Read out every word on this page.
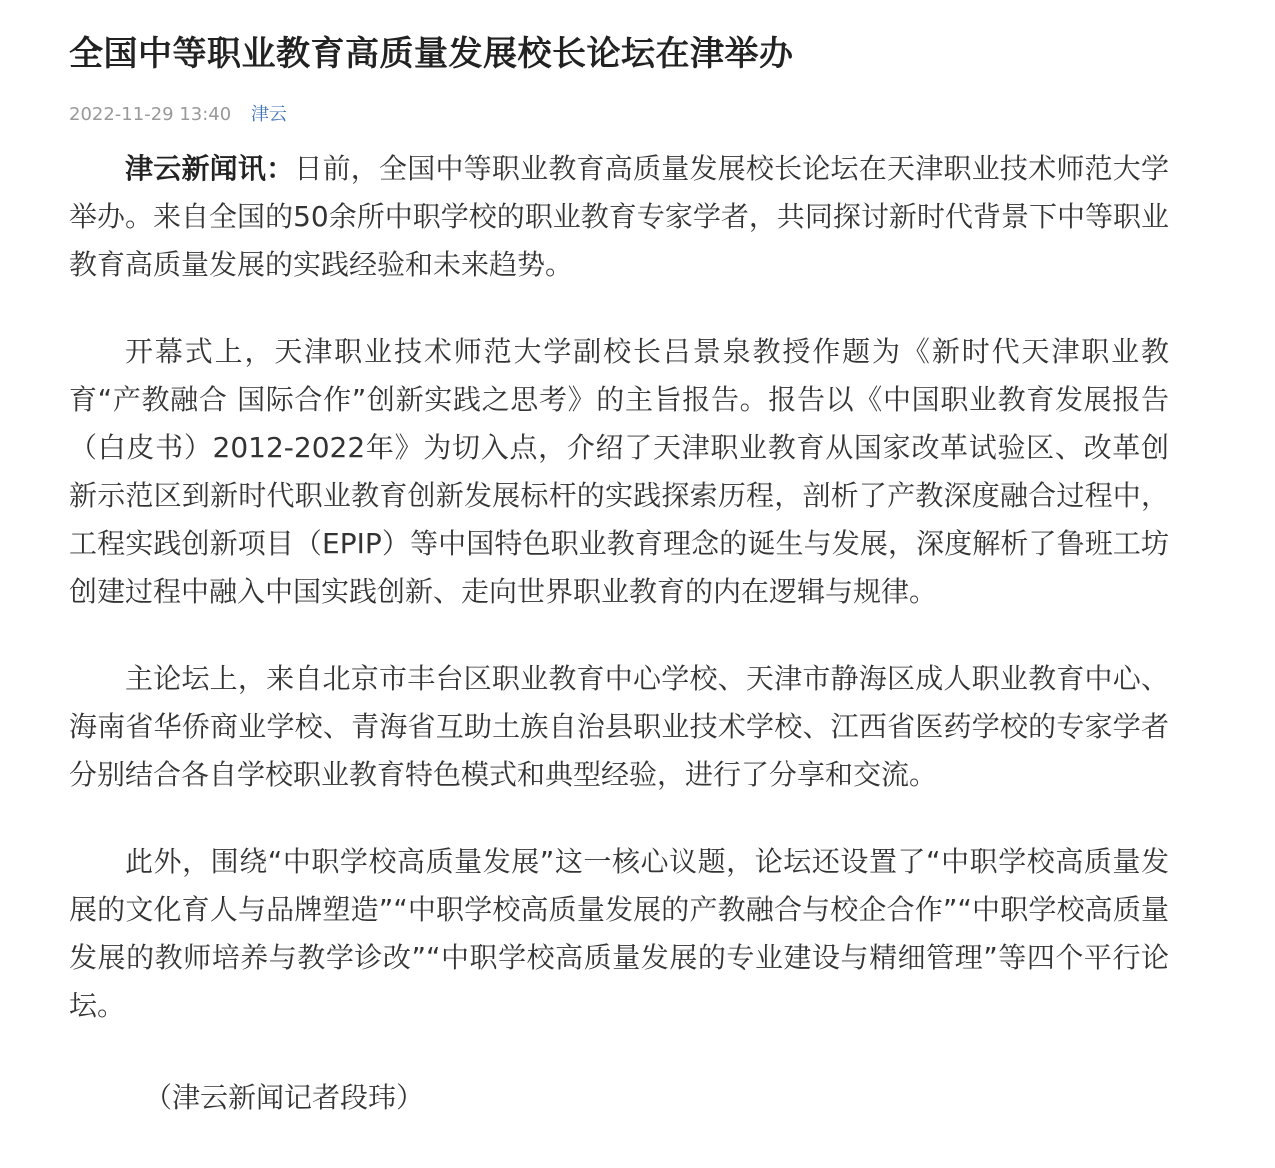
全国中等职业教育高质量发展校长论坛在津举办
2022-11-29 13:40 津云

津云新闻讯：日前，全国中等职业教育高质量发展校长论坛在天津职业技术师范大学举办。来自全国的50余所中职学校的职业教育专家学者，共同探讨新时代背景下中等职业教育高质量发展的实践经验和未来趋势。

开幕式上，天津职业技术师范大学副校长吕景泉教授作题为《新时代天津职业教育“产教融合 国际合作”创新实践之思考》的主旨报告。报告以《中国职业教育发展报告（白皮书）2012-2022年》为切入点，介绍了天津职业教育从国家改革试验区、改革创新示范区到新时代职业教育创新发展标杆的实践探索历程，剖析了产教深度融合过程中，工程实践创新项目（EPIP）等中国特色职业教育理念的诞生与发展，深度解析了鲁班工坊创建过程中融入中国实践创新、走向世界职业教育的内在逻辑与规律。

主论坛上，来自北京市丰台区职业教育中心学校、天津市静海区成人职业教育中心、海南省华侨商业学校、青海省互助土族自治县职业技术学校、江西省医药学校的专家学者分别结合各自学校职业教育特色模式和典型经验，进行了分享和交流。

此外，围绕“中职学校高质量发展”这一核心议题，论坛还设置了“中职学校高质量发展的文化育人与品牌塑造”“中职学校高质量发展的产教融合与校企合作”“中职学校高质量发展的教师培养与教学诊改”“中职学校高质量发展的专业建设与精细管理”等四个平行论坛。

（津云新闻记者段玮）
